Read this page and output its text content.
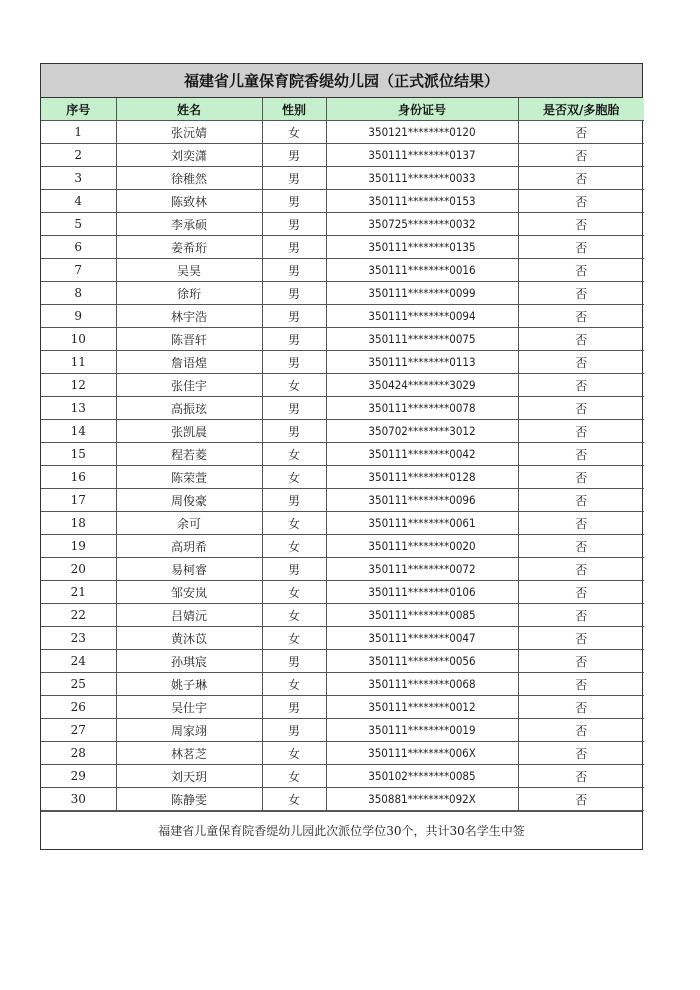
福建省儿童保育院香缇幼儿园（正式派位结果）
序号	姓名	性别	身份证号	是否双/多胞胎
1	张沅婧	女	350121********0120	否
2	刘奕潇	男	350111********0137	否
3	徐稚然	男	350111********0033	否
4	陈致林	男	350111********0153	否
5	李承硕	男	350725********0032	否
6	姜希珩	男	350111********0135	否
7	吴昊	男	350111********0016	否
8	徐珩	男	350111********0099	否
9	林宇浩	男	350111********0094	否
10	陈晋轩	男	350111********0075	否
11	詹语煌	男	350111********0113	否
12	张佳宇	女	350424********3029	否
13	高振玹	男	350111********0078	否
14	张凯晨	男	350702********3012	否
15	程若菱	女	350111********0042	否
16	陈荣萱	女	350111********0128	否
17	周俊豪	男	350111********0096	否
18	余可	女	350111********0061	否
19	高玥希	女	350111********0020	否
20	易柯睿	男	350111********0072	否
21	邹安岚	女	350111********0106	否
22	吕婧沅	女	350111********0085	否
23	黄沐苡	女	350111********0047	否
24	孙琪宸	男	350111********0056	否
25	姚子琳	女	350111********0068	否
26	吴仕宇	男	350111********0012	否
27	周家翊	男	350111********0019	否
28	林茗芝	女	350111********006X	否
29	刘天玥	女	350102********0085	否
30	陈静雯	女	350881********092X	否
福建省儿童保育院香缇幼儿园此次派位学位30个，共计30名学生中签
